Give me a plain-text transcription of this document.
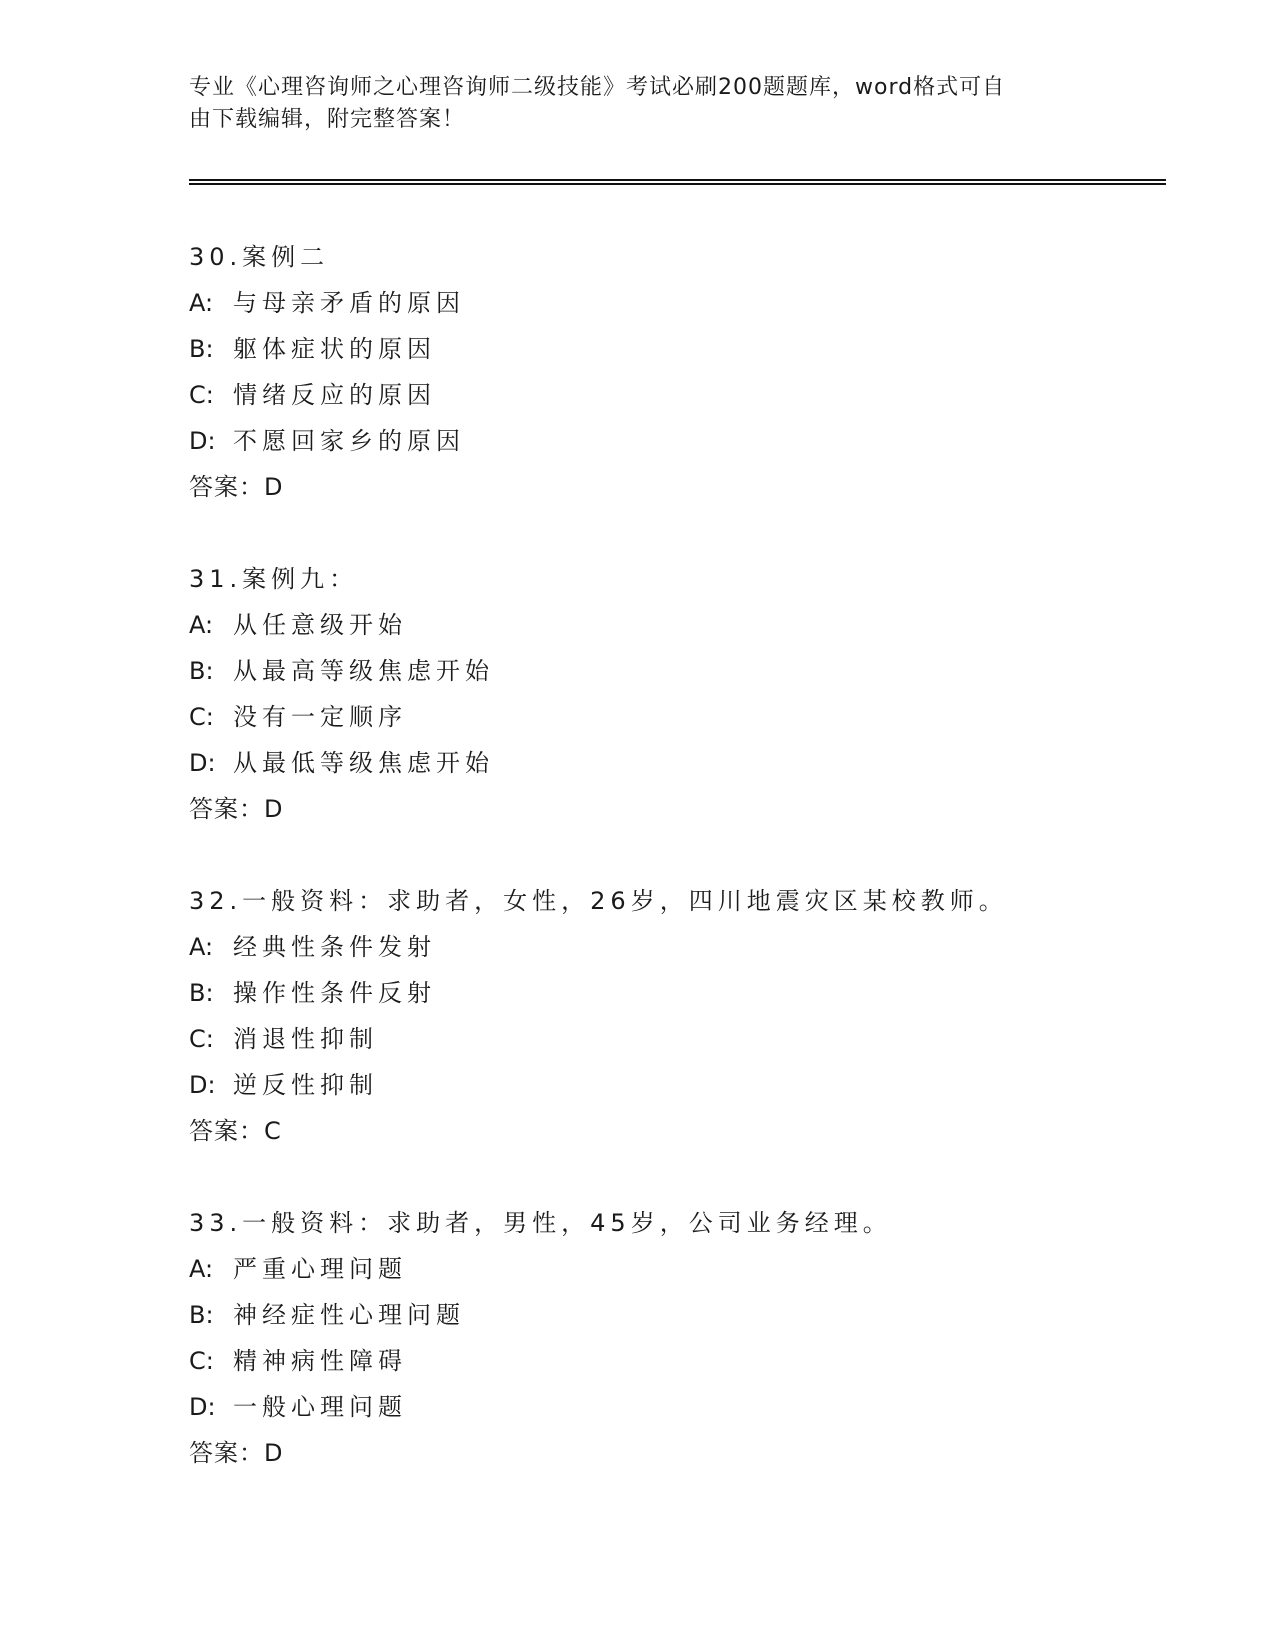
专业《心理咨询师之心理咨询师二级技能》考试必刷200题题库，word格式可自
由下载编辑，附完整答案！
30.案例二
A: 与母亲矛盾的原因
B: 躯体症状的原因
C: 情绪反应的原因
D: 不愿回家乡的原因
答案：D
31.案例九：
A: 从任意级开始
B: 从最高等级焦虑开始
C: 没有一定顺序
D: 从最低等级焦虑开始
答案：D
32.一般资料：求助者，女性，26岁，四川地震灾区某校教师。
A: 经典性条件发射
B: 操作性条件反射
C: 消退性抑制
D: 逆反性抑制
答案：C
33.一般资料：求助者，男性，45岁，公司业务经理。
A: 严重心理问题
B: 神经症性心理问题
C: 精神病性障碍
D: 一般心理问题
答案：D
